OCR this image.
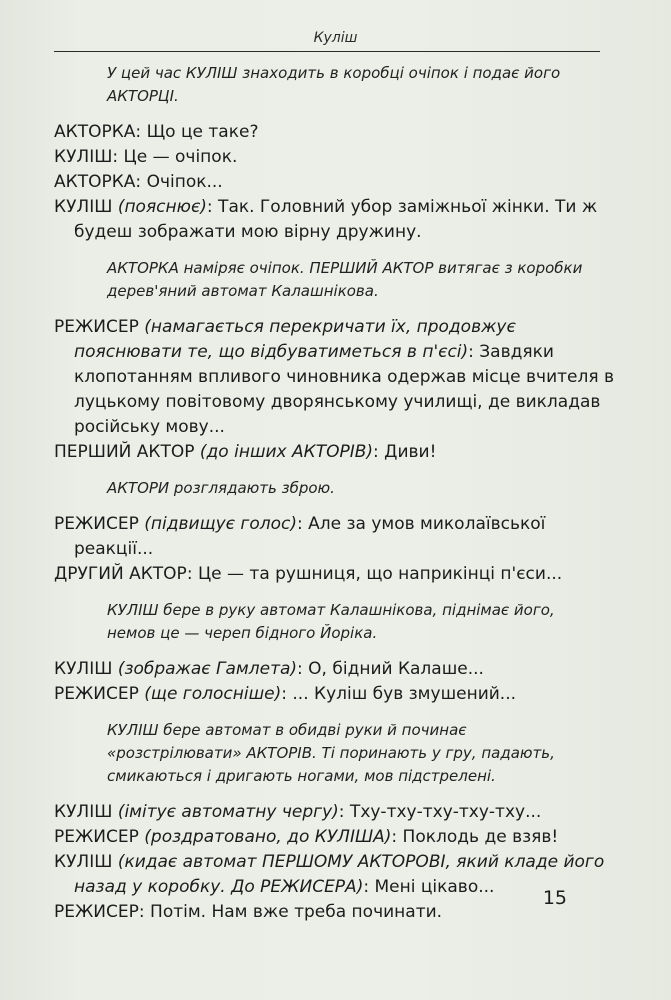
Куліш
У цей час КУЛІШ знаходить в коробці очіпок і подає його АКТОРЦІ.
АКТОРКА: Що це таке?
КУЛІШ: Це — очіпок.
АКТОРКА: Очіпок...
КУЛІШ (пояснює): Так. Головний убор заміжньої жінки. Ти ж будеш зображати мою вірну дружину.
АКТОРКА наміряє очіпок. ПЕРШИЙ АКТОР витягає з коробки дерев'яний автомат Калашнікова.
РЕЖИСЕР (намагається перекричати їх, продовжує пояснювати те, що відбуватиметься в п'єсі): Завдяки клопотанням впливого чиновника одержав місце вчителя в луцькому повітовому дворянському училищі, де викладав російську мову...
ПЕРШИЙ АКТОР (до інших АКТОРІВ): Диви!
АКТОРИ розглядають зброю.
РЕЖИСЕР (підвищує голос): Але за умов миколаївської реакції...
ДРУГИЙ АКТОР: Це — та рушниця, що наприкінці п'єси...
КУЛІШ бере в руку автомат Калашнікова, піднімає його, немов це — череп бідного Йоріка.
КУЛІШ (зображає Гамлета): О, бідний Калаше...
РЕЖИСЕР (ще голосніше): ... Куліш був змушений...
КУЛІШ бере автомат в обидві руки й починає «розстрілювати» АКТОРІВ. Ті поринають у гру, падають, смикаються і дригають ногами, мов підстрелені.
КУЛІШ (імітує автоматну чергу): Тху-тху-тху-тху-тху...
РЕЖИСЕР (роздратовано, до КУЛІША): Поклодь де взяв!
КУЛІШ (кидає автомат ПЕРШОМУ АКТОРОВІ, який кладе його назад у коробку. До РЕЖИСЕРА): Мені цікаво...
РЕЖИСЕР: Потім. Нам вже треба починати.
15
